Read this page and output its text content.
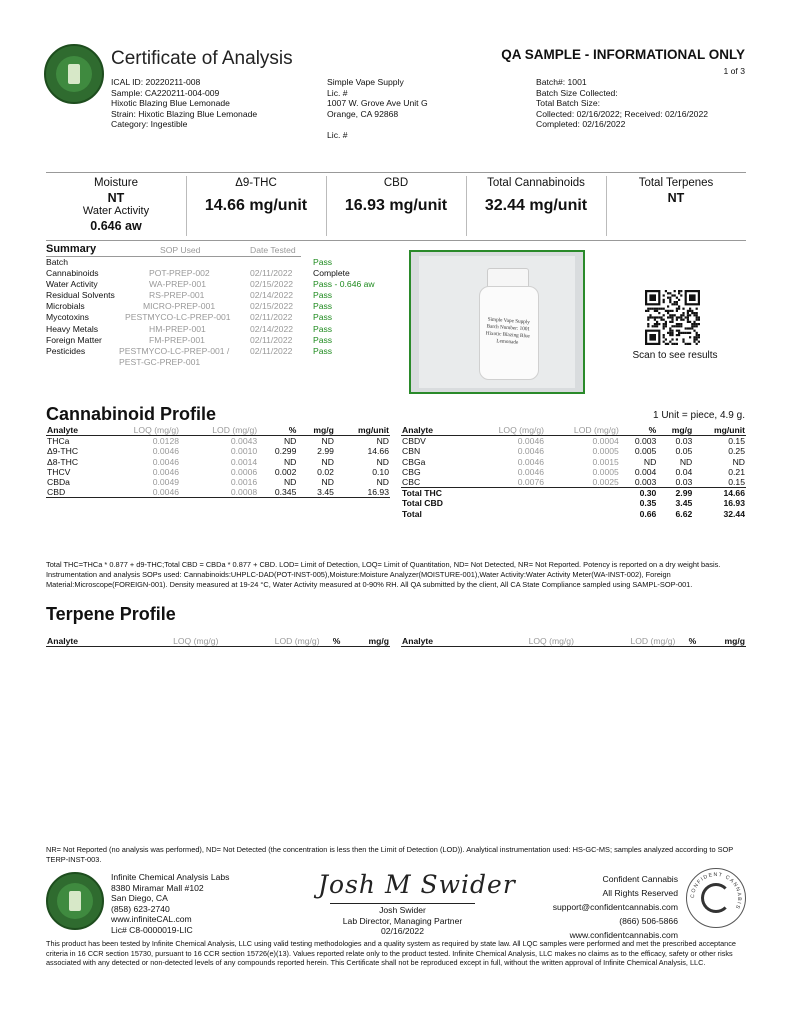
Certificate of Analysis	QA SAMPLE - INFORMATIONAL ONLY
1 of 3
ICAL ID: 20220211-008
Sample: CA220211-004-009
Hixotic Blazing Blue Lemonade
Strain: Hixotic Blazing Blue Lemonade
Category: Ingestible
Simple Vape Supply
Lic. #
1007 W. Grove Ave Unit G
Orange, CA 92868

Lic. #
Batch#: 1001
Batch Size Collected:
Total Batch Size:
Collected: 02/16/2022; Received: 02/16/2022
Completed: 02/16/2022
Moisture
NT
Water Activity
0.646 aw
Δ9-THC
14.66 mg/unit
CBD
16.93 mg/unit
Total Cannabinoids
32.44 mg/unit
Total Terpenes
NT
Summary	SOP Used	Date Tested
Batch	Pass
Cannabinoids	POT-PREP-002	02/11/2022 Complete
Water Activity	WA-PREP-001	02/15/2022 Pass - 0.646 aw
Residual Solvents	RS-PREP-001	02/14/2022 Pass
Microbials	MICRO-PREP-001	02/15/2022 Pass
Mycotoxins	PESTMYCO-LC-PREP-001 02/11/2022 Pass
Heavy Metals	HM-PREP-001	02/14/2022 Pass
Foreign Matter	FM-PREP-001	02/11/2022 Pass
Pesticides	PESTMYCO-LC-PREP-001 / 02/11/2022 Pass
PEST-GC-PREP-001
Simple Vape Supply
Batch Number: 1001
Hixotic Blazing Blue Lemonade
Scan to see results
Cannabinoid Profile	1 Unit = piece, 4.9 g.
Analyte	LOQ (mg/g)	LOD (mg/g)	%	mg/g	mg/unit
THCa	0.0128	0.0043	ND	ND	ND
Δ9-THC	0.0046	0.0010	0.299	2.99	14.66
Δ8-THC	0.0046	0.0014	ND	ND	ND
THCV	0.0046	0.0006	0.002	0.02	0.10
CBDa	0.0049	0.0016	ND	ND	ND
CBD	0.0046	0.0008	0.345	3.45	16.93
Analyte	LOQ (mg/g)	LOD (mg/g)	%	mg/g	mg/unit
CBDV	0.0046	0.0004	0.003	0.03	0.15
CBN	0.0046	0.0005	0.005	0.05	0.25
CBGa	0.0046	0.0015	ND	ND	ND
CBG	0.0046	0.0005	0.004	0.04	0.21
CBC	0.0076	0.0025	0.003	0.03	0.15
Total THC			0.30	2.99	14.66
Total CBD			0.35	3.45	16.93
Total			0.66	6.62	32.44
Total THC=THCa * 0.877 + d9-THC;Total CBD = CBDa * 0.877 + CBD. LOD= Limit of Detection, LOQ= Limit of Quantitation, ND= Not Detected, NR= Not Reported. Potency is reported on a dry weight basis. Instrumentation and analysis SOPs used: Cannabinoids:UHPLC-DAD(POT-INST-005),Moisture:Moisture Analyzer(MOISTURE-001),Water Activity:Water Activity Meter(WA-INST-002), Foreign Material:Microscope(FOREIGN-001). Density measured at 19-24 °C, Water Activity measured at 0-90% RH. All QA submitted by the client, All CA State Compliance sampled using SAMPL-SOP-001.
Terpene Profile
Analyte	LOQ (mg/g)	LOD (mg/g)	%	mg/g Analyte	LOQ (mg/g)	LOD (mg/g)	%	mg/g
NR= Not Reported (no analysis was performed), ND= Not Detected (the concentration is less then the Limit of Detection (LOD)). Analytical instrumentation used: HS-GC-MS; samples analyzed according to SOP TERP-INST-003.
Infinite Chemical Analysis Labs
8380 Miramar Mall #102
San Diego, CA
(858) 623-2740
www.infiniteCAL.com
Lic# C8-0000019-LIC
Josh M Swider
Josh Swider
Lab Director, Managing Partner
02/16/2022
Confident Cannabis
All Rights Reserved
support@confidentcannabis.com
(866) 506-5866
www.confidentcannabis.com
CONFIDENT CANNABIS
This product has been tested by Infinite Chemical Analysis, LLC using valid testing methodologies and a quality system as required by state law. All LQC samples were performed and met the prescribed acceptance criteria in 16 CCR section 15730, pursuant to 16 CCR section 15726(e)(13). Values reported relate only to the product tested. Infinite Chemical Analysis, LLC makes no claims as to the efficacy, safety or other risks associated with any detected or non-detected levels of any compounds reported herein. This Certificate shall not be reproduced except in full, without the written approval of Infinite Chemical Analysis, LLC.
